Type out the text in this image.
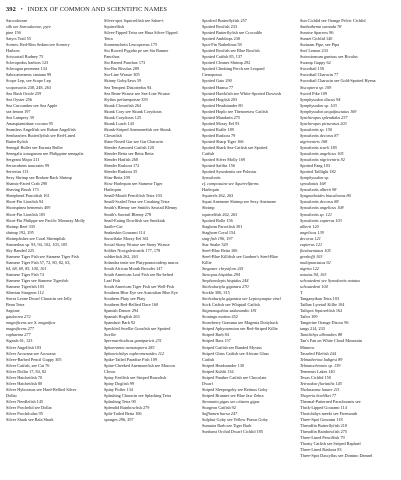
392 • INDEX OF COMMON AND SCIENTIFIC NAMES
Sarcodaceae
silk see Sarcodaceae, pyre
pine 156
Satyrs Trail 55
Scenes: Red-Rim Sedum see Scenery
Harbors
Scissortail Rudney 75
Scleropodus harbors 123
Sclerogau perennea 134
Sabocatterneus cantana 99
Scope Lep, see Scope Lep
scoporsortis 238, 248, 263
Sea Bush Oriole 259
Sea Oyster 256
Sea Curcumber see Sea Apple
sea lemon 197
Sea Lamprey 39
Amaspiamidane cocosm 95
Seamless Angelfish see Ruban Angelfish
Sentbarriers Butterflyfish see Red-Lined
Butterflyfish
Senegal Bullet see Eurasia Bullet
Senegalis ionogarum see Philippine senegalis
Sergeant Major 211
Serracubens naucrates 99
Serrerias 113
Sexy Shrimp see Broken-Back Shrimp
Shamic-Faced Crab 290
Shaving Brush 173
Sheephead Parrotfish 161
Short-Fin Lionfish 94
Shortspinea bemensis 409
Short-Fin Lionfish 105
Short-Fin Philippe see Pacific Moonray Molly
Shrimp Reef 335
shrimp 192, 295
Shrimpfishes see Coral Shrimpfish
Siamesbus sp. 93, 94, 102, 103, 105
Sky Banded 225
Siamese Tiger Fish see Siamese Tiger Fish
Siamese Tiger Fish 57, 72, 80, 82, 63,
64, 68, 69, 85, 100, 101
Siamese Tiger Fish 74
Siamese Tiger see Siamese Tigerfish
Siamese Tigerfish 103
Siberian Sturgeon 112
Sierra Leone Dwarf Characin see Jelly
Bean Tetra
Sagitate
gaulacrea 272
magnificens see S. magnifica
magnificens 277
raphaema 277
Signals 61, 123
Silver Angelfish 103
Silver Arowana see Arowana
Silver-Barbed Pencil Guppy 305
Silver Catfish, see Cat 76
Silver Dollar 17, 84, 82
Silver Hatchetfish 70
Silver Hatchetfish 80
Silver Hyborasus see Hard-Bellied Silver
Dollar
Silver Needlefish 145
Silver Prochelid see Dollar
Silver Prochilodus 95
Silver Shark see Bala Shark
Silver-spot Squirrelfish see Sabre-t
Squirrelfish
Silver-Tipped Tetra see Hasa Silver-Tipped
Tetra
Sonnenschein Leucopterus 175
Siu Rowed Pygidia pe see Siu Banner
Pancthus
Siu Barred Panchax 173
Siu-Bar Rivulus 289
Siu-Line Wrasse 305
Skinny Goby/Jaws 59
Sea Tempest Distortedus 94
Sea Bean-Wrasse see Sea-Line Wrasse
Slyfins perlaenpoisse 359
Skunk Clownfish 264
Skunk Cory see Skunk Corydoras
Skunk Corydoras 125
Skunk Loach 143
Skunk-Striped Anemonefish see Skunk
Clownfish
Slant-Nosed Gar see Gar Characin
Slender Armored Catfish 120
Slender Betta see Betta Betta
Slender Hatfish 268
Slender Rasbora 172
Slender Rasbora 35
Slim-Betta 109
Slow Harlequin see Siamese Tiger
Harlequin
Small-Mouth Pencilfish Tetra 103
Small-Scaled Tetra see Croaking Tetra
Smith's Blenny see Smith's Sawtail Blenny
Smith's Sawtail Blenny 278
Snail-Eating Dowlfish see Snoiktuk
Sadler-Cat
Snakeskin Gourami 114
Snowflake Moray Eel 361
Social Stony Wrasse see Stony Wrasse
Soldier Ncotgalvirosids 177, 178
soldierfish 262, 263
Solandra tenie see Platypomotoidesp muros
South African Mouth Brooder 147
South American Leaf Fish see Ru-belted
Leaf Fish
South American Tiger Fish see Well-Fish
Southern Blue Eye see Australian Blue Eye
Southern Platy see Platy
Southern Red-Bellied Dace 160
Spanish Dancer 294
Spanish Hogfish 263
Spandarri Barb 92
Speckled Swellie Goosfish see Spotted
Swellie
Spermarrhodicus gamiparicit 231
Sphaeramia nematoptera 283
Sphaerichthys osphromenoides 112
Spike-Tailed Paradise Fish 109
Spine-Cheeked Anemonefish see Maroon
Clown
Spiny Eeelfish see Striped Brazolish
Spiny Dogfish 99
Spiny Puffer 134
Splashing Characin see Splashing Tetra
Splashing Tetra 90
Splendid Rainbowfish 279
Split-Tailed Betta 106
sponges 296, 297
Spotfred Butterflyfish 257
Spotted Boxfish 233
Spotted Butterflyfish see Crocodile
Spotted Ambliops 230
Spot-Fin Nathelinus 58
Spotted Boxfish see Blue Boxfish
Spotted Catfish 85, 137
Spotted Cleaner Shrimp 292
Spotted Climbing Perch see Leopard
Ctenopoma
Spotted Gato 290
Spotted Hamsa 77
Spotted Hawkfish see White-Spotted Dowwsb
Spotted Hogfish 203
Spotted Headstander 80
Spotted Hoplo see Thenoretaw Catfish
Spotted Mandarin 275
Spotted Moray Eel 93
Spotted Rafile 189
Spotted Rasbora 79
Spotted Sharp Tiger 166
Spotted Shark Sea-Catfish see Spotted
Catfish
Spotted Silver Molly 169
Spotted Sailfin 156
Spotted Synodontis see Polestar
Synodontis
cf. composuine see Squirrelfarms
Harlequin
Squirrels 262, 263
Squat Anemone Shrimp see Sexy Anemone
Shrimp
squirrelfish 262, 263
Spotted Bolle 156
Stagbotn Parrotfish 301
Staghorn Coral 154
stag-fish 196, 197
Star Snake 329
Steel-Blue Betta 106
Steel-Blue Killifish see Gardner's Steel-Blue
Killie
Stegaster chrysiforn 241
Stenopus hispidus 294
Stephanolepis hispidus 244
Stichodactyla gigantea 270
Stickle 300, 315
Stichodactyla gigantea see Leptosynapta vincl
Stick Catfish see Whiptail Catfish
Stigmatogobius sadanundio 181
Stoningu motion 452
Strawberry Gramma see Magenta Dottyback
Striped Aphyosemion see Red-Striped Killie
Striped Barb 84
Striped Bass 157
Striped Catfish see Banded Mystus
Striped Glass Catfish see African Glass
Catfish
Striped Headstander 130
Striped Kuhlii 134
Striped Panther Catfish see Chocolate
Dwarf
Striped Sleepergoby see Retinus Goby
Striped Brunner see Blue Jaw Zebra
Stromatia gigas see citizens gigas
Sturgeon Catfish 92
Sufflamen bursa 247
Sulphur Goby see Yellow Prawn Goby
Sumatra Barb see Tiger Barb
Sunburst Orchid Dwarf Cichlid 185
Sun Cichlid see Orange Pelvic Cichlid
Sunbathema surnada 78
Sunrise Sparrow 86
Sunset Cichlid 140
Surinam Pipe, see Pipa
Surf Lemon 233
Sutrostomum gunisus see Rivulus
Swamp Guppy 62
Swordtail 150
Swordtail Characin 77
Swordtail Characin see Gold-Spotted Hyena
Siscoptera sp. 109
Sword Pike 109
Symphysodon discus 94
Symphysodon sp. 103
Symphysodon aequifasciatus 169
Synchiropus splendidus 237
Synchiropus picturatus 203
Synodontis sp. 150
Synodontis decorus 87
nigriventris 168
Synodontis scarli 185
Synodontis angelicus 105
Synodontis nigriventris 92
Spotted Fang 103
Spotted Taillight 182
Symphysodon sp.
synodontis 168
Synodontis alberti 98
Syngnathoides biaculeatus 80
Synodontis decorus 88
Synodontis angelicus 108
Synodontis sp. 121
Synodontis eupterus 103
alberti 120
angelicus 139
decorus 121
eupterus 121
flavitaeniatus 105
greshoffi 103
multipunctatus 92
nigrita 122
notatus 94, 103
schoutedeni see Synodontis notatus
schoutedeni 104
T
Tanganyikan Tetra 103
Tailbar Lyretail Killie 104
Tailspot Squirrelfish 162
Tailor 109
Tangerine Orange Discus 96
tangs 214, 233
Tanichthys albonubes 88
Tan's Fan on White Cloud Mountain
Minnow
Tasseled Filefish 244
Telmatherina ladigesi 89
Telmatochromis sp. 139
Temensis Lakes 140
Texas Cichlid 150
Tetraodon fluviatilis 145
Thalassoma lunare 211
Thayeria boehlkei 77
Thermal-Patterned Parachromis see
Thick-Lipped Gourami 114
Thorichthys meeki see Firemouth
Three-Spot Gourami 118
Threadfin Butterflyfish 210
Threadfin Rainbowfish 275
Three-Lined Pencilfish 79
Thorny Catfish see Striped Raphael
Three-Lined Rasbora 83
Three-Spot Dascyllus see Domino Damsel
